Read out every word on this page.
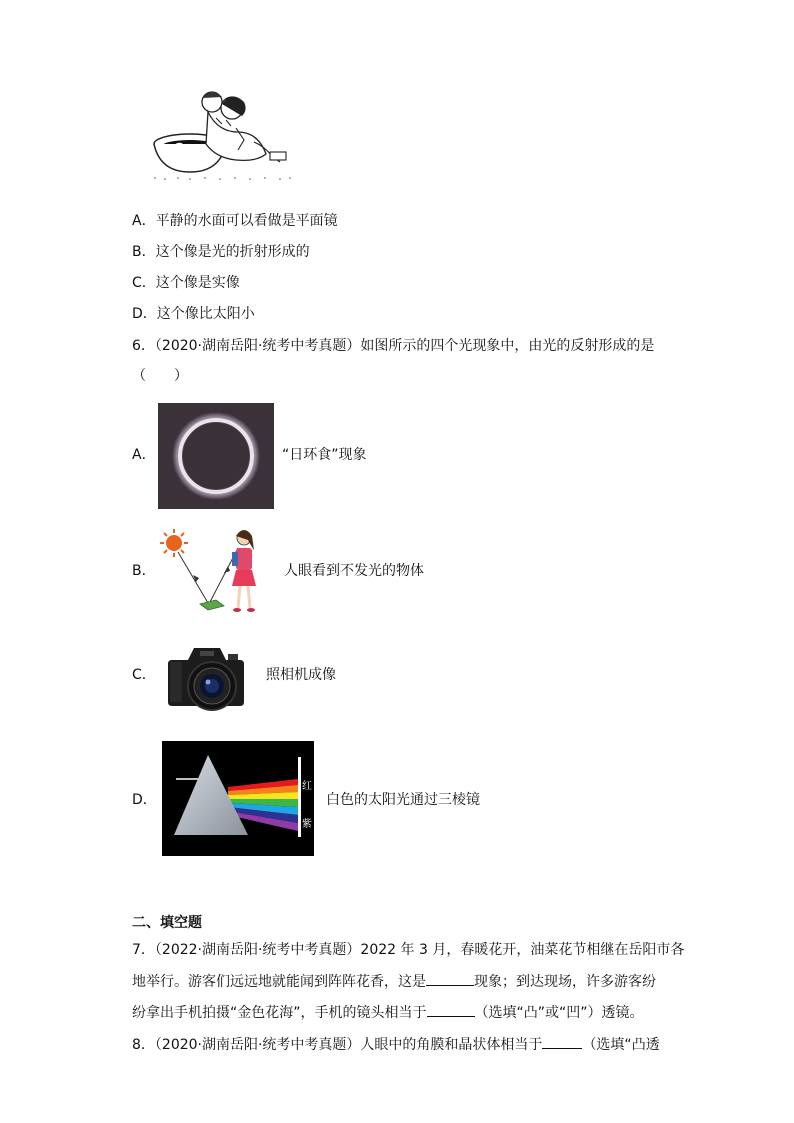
A．平静的水面可以看做是平面镜
B．这个像是光的折射形成的
C．这个像是实像
D．这个像比太阳小
6．（2020·湖南岳阳·统考中考真题）如图所示的四个光现象中，由光的反射形成的是
（　　）
A．	“日环食”现象
B．	人眼看到不发光的物体
C．	照相机成像
D．
红
紫
白色的太阳光通过三棱镜
二、填空题
7．（2022·湖南岳阳·统考中考真题）2022 年 3 月，春暖花开，油菜花节相继在岳阳市各
地举行。游客们远远地就能闻到阵阵花香，这是	现象；到达现场，许多游客纷
纷拿出手机拍摄“金色花海”，手机的镜头相当于	（选填“凸”或“凹”）透镜。
8．（2020·湖南岳阳·统考中考真题）人眼中的角膜和晶状体相当于	（选填“凸透
